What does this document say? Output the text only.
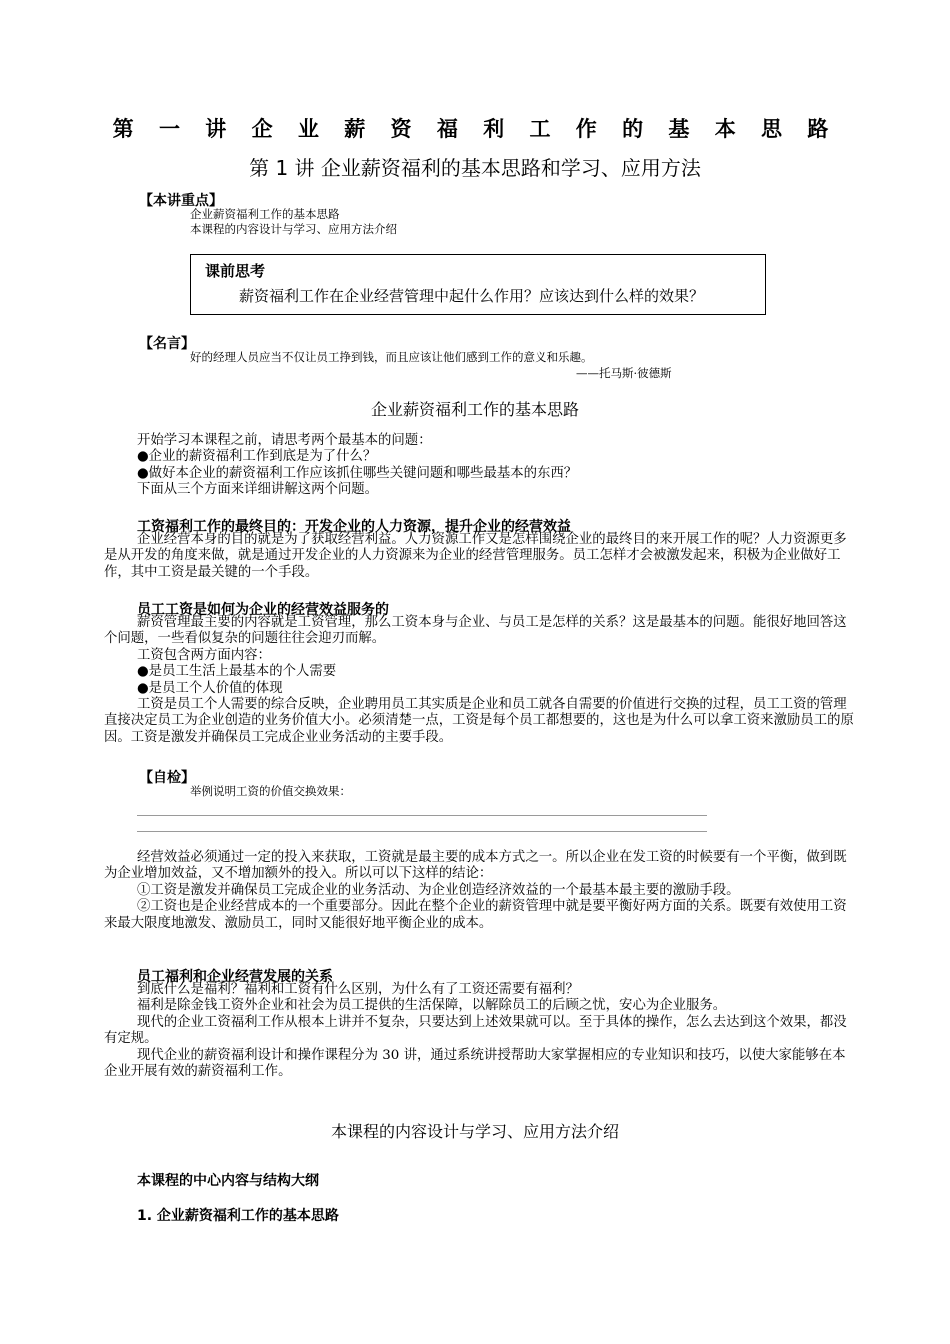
第 一 讲 企 业 薪 资 福 利 工 作 的 基 本 思 路
第 1 讲 企业薪资福利的基本思路和学习、应用方法
【本讲重点】
企业薪资福利工作的基本思路
本课程的内容设计与学习、应用方法介绍
课前思考
薪资福利工作在企业经营管理中起什么作用？应该达到什么样的效果？
【名言】
好的经理人员应当不仅让员工挣到钱，而且应该让他们感到工作的意义和乐趣。
——托马斯·彼德斯
企业薪资福利工作的基本思路

开始学习本课程之前，请思考两个最基本的问题：

●企业的薪资福利工作到底是为了什么？

●做好本企业的薪资福利工作应该抓住哪些关键问题和哪些最基本的东西？

下面从三个方面来详细讲解这两个问题。

工资福利工作的最终目的：开发企业的人力资源，提升企业的经营效益

企业经营本身的目的就是为了获取经营利益。人力资源工作又是怎样围绕企业的最终目的来开展工作的呢？人力资源更多是从开发的角度来做，就是通过开发企业的人力资源来为企业的经营管理服务。员工怎样才会被激发起来，积极为企业做好工作，其中工资是最关键的一个手段。

员工工资是如何为企业的经营效益服务的

薪资管理最主要的内容就是工资管理，那么工资本身与企业、与员工是怎样的关系？这是最基本的问题。能很好地回答这个问题，一些看似复杂的问题往往会迎刃而解。

工资包含两方面内容：

●是员工生活上最基本的个人需要

●是员工个人价值的体现

工资是员工个人需要的综合反映，企业聘用员工其实质是企业和员工就各自需要的价值进行交换的过程，员工工资的管理直接决定员工为企业创造的业务价值大小。必须清楚一点，工资是每个员工都想要的，这也是为什么可以拿工资来激励员工的原因。工资是激发并确保员工完成企业业务活动的主要手段。

【自检】
举例说明工资的价值交换效果：

经营效益必须通过一定的投入来获取，工资就是最主要的成本方式之一。所以企业在发工资的时候要有一个平衡，做到既为企业增加效益，又不增加额外的投入。所以可以下这样的结论：

①工资是激发并确保员工完成企业的业务活动、为企业创造经济效益的一个最基本最主要的激励手段。

②工资也是企业经营成本的一个重要部分。因此在整个企业的薪资管理中就是要平衡好两方面的关系。既要有效使用工资来最大限度地激发、激励员工，同时又能很好地平衡企业的成本。

员工福利和企业经营发展的关系

到底什么是福利？福利和工资有什么区别，为什么有了工资还需要有福利？

福利是除金钱工资外企业和社会为员工提供的生活保障，以解除员工的后顾之忧，安心为企业服务。

现代的企业工资福利工作从根本上讲并不复杂，只要达到上述效果就可以。至于具体的操作，怎么去达到这个效果，都没有定规。

现代企业的薪资福利设计和操作课程分为 30 讲，通过系统讲授帮助大家掌握相应的专业知识和技巧，以使大家能够在本企业开展有效的薪资福利工作。

本课程的内容设计与学习、应用方法介绍
本课程的中心内容与结构大纲
1. 企业薪资福利工作的基本思路
